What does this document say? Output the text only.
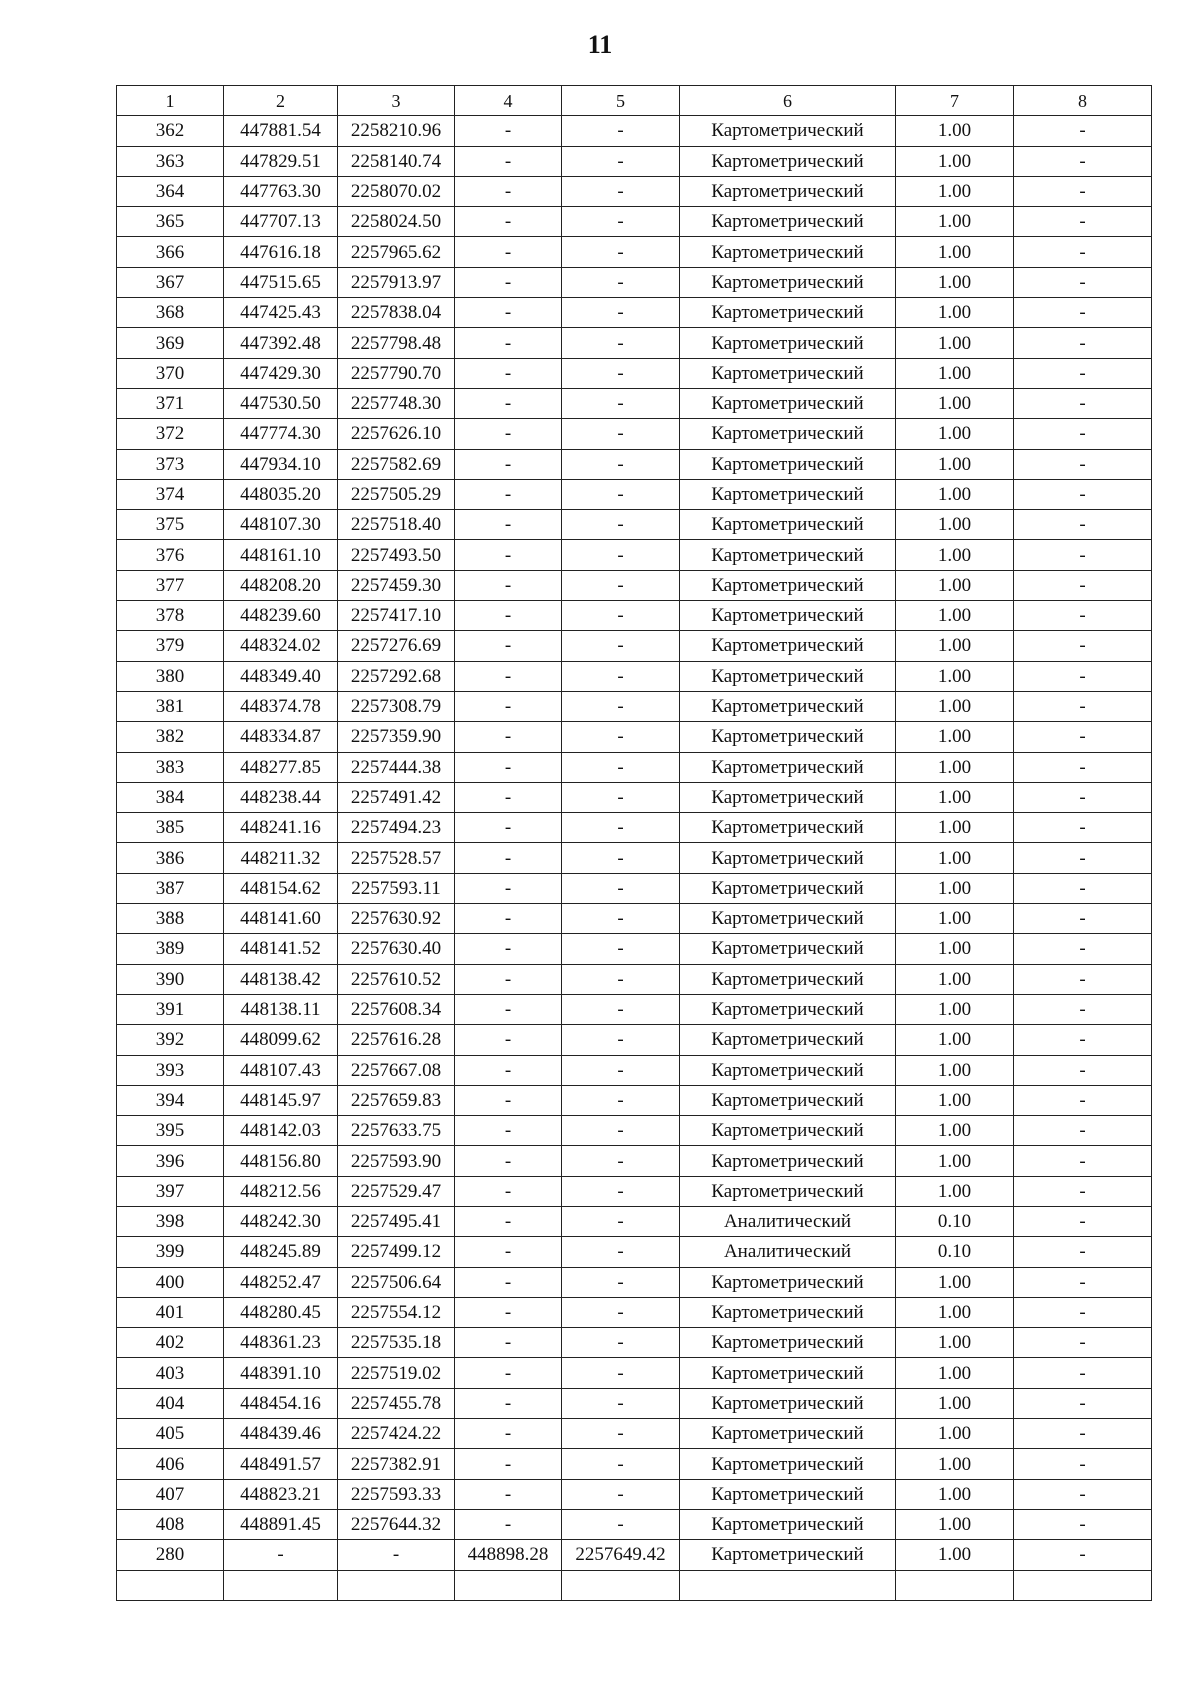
11
1	2	3	4	5	6	7	8
362	447881.54	2258210.96	-	-	Картометрический	1.00	-
363	447829.51	2258140.74	-	-	Картометрический	1.00	-
364	447763.30	2258070.02	-	-	Картометрический	1.00	-
365	447707.13	2258024.50	-	-	Картометрический	1.00	-
366	447616.18	2257965.62	-	-	Картометрический	1.00	-
367	447515.65	2257913.97	-	-	Картометрический	1.00	-
368	447425.43	2257838.04	-	-	Картометрический	1.00	-
369	447392.48	2257798.48	-	-	Картометрический	1.00	-
370	447429.30	2257790.70	-	-	Картометрический	1.00	-
371	447530.50	2257748.30	-	-	Картометрический	1.00	-
372	447774.30	2257626.10	-	-	Картометрический	1.00	-
373	447934.10	2257582.69	-	-	Картометрический	1.00	-
374	448035.20	2257505.29	-	-	Картометрический	1.00	-
375	448107.30	2257518.40	-	-	Картометрический	1.00	-
376	448161.10	2257493.50	-	-	Картометрический	1.00	-
377	448208.20	2257459.30	-	-	Картометрический	1.00	-
378	448239.60	2257417.10	-	-	Картометрический	1.00	-
379	448324.02	2257276.69	-	-	Картометрический	1.00	-
380	448349.40	2257292.68	-	-	Картометрический	1.00	-
381	448374.78	2257308.79	-	-	Картометрический	1.00	-
382	448334.87	2257359.90	-	-	Картометрический	1.00	-
383	448277.85	2257444.38	-	-	Картометрический	1.00	-
384	448238.44	2257491.42	-	-	Картометрический	1.00	-
385	448241.16	2257494.23	-	-	Картометрический	1.00	-
386	448211.32	2257528.57	-	-	Картометрический	1.00	-
387	448154.62	2257593.11	-	-	Картометрический	1.00	-
388	448141.60	2257630.92	-	-	Картометрический	1.00	-
389	448141.52	2257630.40	-	-	Картометрический	1.00	-
390	448138.42	2257610.52	-	-	Картометрический	1.00	-
391	448138.11	2257608.34	-	-	Картометрический	1.00	-
392	448099.62	2257616.28	-	-	Картометрический	1.00	-
393	448107.43	2257667.08	-	-	Картометрический	1.00	-
394	448145.97	2257659.83	-	-	Картометрический	1.00	-
395	448142.03	2257633.75	-	-	Картометрический	1.00	-
396	448156.80	2257593.90	-	-	Картометрический	1.00	-
397	448212.56	2257529.47	-	-	Картометрический	1.00	-
398	448242.30	2257495.41	-	-	Аналитический	0.10	-
399	448245.89	2257499.12	-	-	Аналитический	0.10	-
400	448252.47	2257506.64	-	-	Картометрический	1.00	-
401	448280.45	2257554.12	-	-	Картометрический	1.00	-
402	448361.23	2257535.18	-	-	Картометрический	1.00	-
403	448391.10	2257519.02	-	-	Картометрический	1.00	-
404	448454.16	2257455.78	-	-	Картометрический	1.00	-
405	448439.46	2257424.22	-	-	Картометрический	1.00	-
406	448491.57	2257382.91	-	-	Картометрический	1.00	-
407	448823.21	2257593.33	-	-	Картометрический	1.00	-
408	448891.45	2257644.32	-	-	Картометрический	1.00	-
280	-	-	448898.28	2257649.42	Картометрический	1.00	-
